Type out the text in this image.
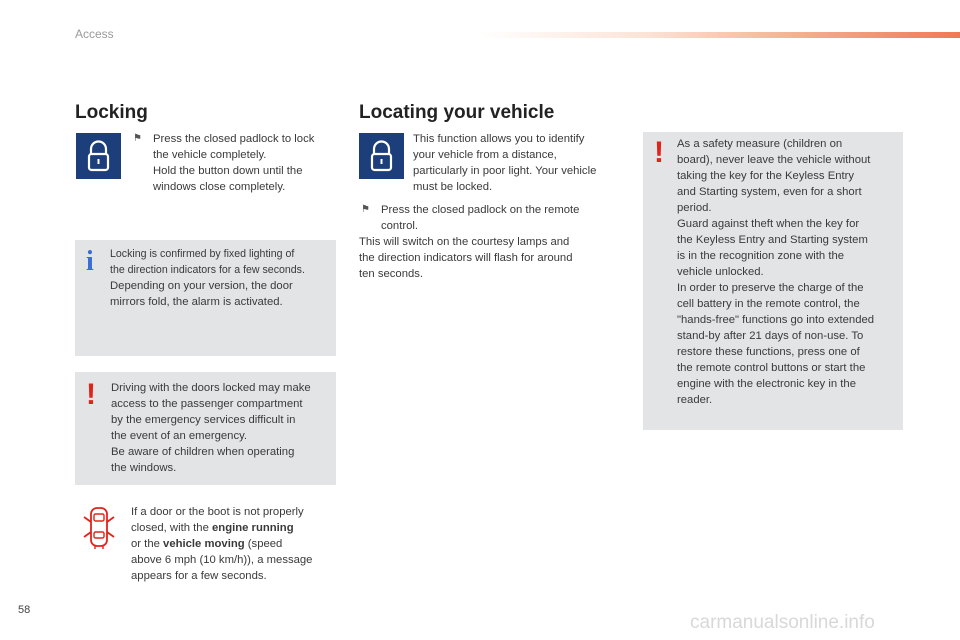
Access
Locking
⚑ Press the closed padlock to lock
the vehicle completely.
Hold the button down until the
windows close completely.
i Locking is confirmed by fixed lighting of
the direction indicators for a few seconds.
Depending on your version, the door
mirrors fold, the alarm is activated.
! Driving with the doors locked may make
access to the passenger compartment
by the emergency services difficult in
the event of an emergency.
Be aware of children when operating
the windows.
If a door or the boot is not properly
closed, with the engine running
or the vehicle moving (speed
above 6 mph (10 km/h)), a message
appears for a few seconds.
Locating your vehicle
This function allows you to identify
your vehicle from a distance,
particularly in poor light. Your vehicle
must be locked.
⚑ Press the closed padlock on the remote
control.
This will switch on the courtesy lamps and
the direction indicators will flash for around
ten seconds.
! As a safety measure (children on
board), never leave the vehicle without
taking the key for the Keyless Entry
and Starting system, even for a short
period.
Guard against theft when the key for
the Keyless Entry and Starting system
is in the recognition zone with the
vehicle unlocked.
In order to preserve the charge of the
cell battery in the remote control, the
"hands-free" functions go into extended
stand-by after 21 days of non-use. To
restore these functions, press one of
the remote control buttons or start the
engine with the electronic key in the
reader.
58
carmanualsonline.info
